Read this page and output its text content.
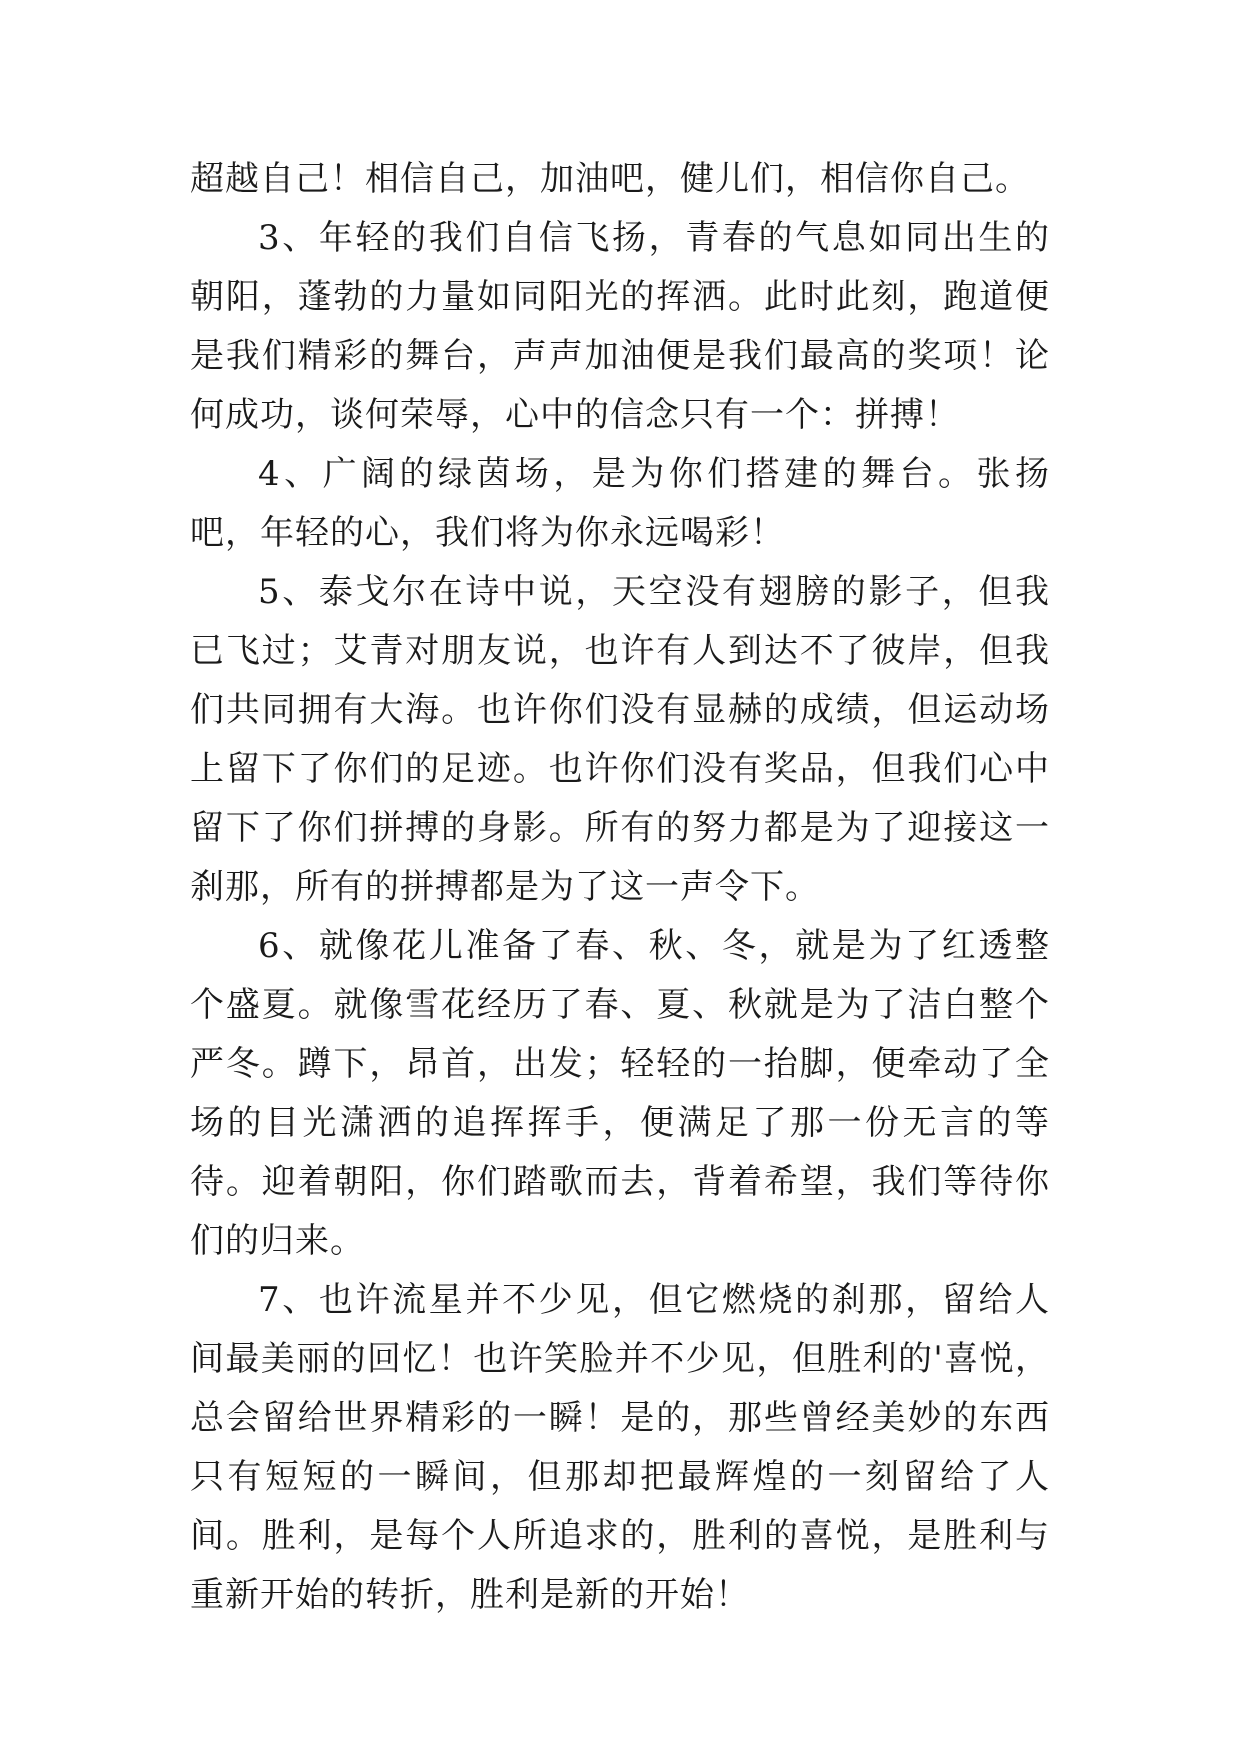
超越自己！相信自己，加油吧，健儿们，相信你自己。

3、年轻的我们自信飞扬，青春的气息如同出生的朝阳，蓬勃的力量如同阳光的挥洒。此时此刻，跑道便是我们精彩的舞台，声声加油便是我们最高的奖项！论何成功，谈何荣辱，心中的信念只有一个：拼搏！

4、广阔的绿茵场，是为你们搭建的舞台。张扬吧，年轻的心，我们将为你永远喝彩！

5、泰戈尔在诗中说，天空没有翅膀的影子，但我已飞过；艾青对朋友说，也许有人到达不了彼岸，但我们共同拥有大海。也许你们没有显赫的成绩，但运动场上留下了你们的足迹。也许你们没有奖品，但我们心中留下了你们拼搏的身影。所有的努力都是为了迎接这一刹那，所有的拼搏都是为了这一声令下。

6、就像花儿准备了春、秋、冬，就是为了红透整个盛夏。就像雪花经历了春、夏、秋就是为了洁白整个严冬。蹲下，昂首，出发；轻轻的一抬脚，便牵动了全场的目光潇洒的追挥挥手，便满足了那一份无言的等待。迎着朝阳，你们踏歌而去，背着希望，我们等待你们的归来。

7、也许流星并不少见，但它燃烧的刹那，留给人间最美丽的回忆！也许笑脸并不少见，但胜利的'喜悦，总会留给世界精彩的一瞬！是的，那些曾经美妙的东西只有短短的一瞬间，但那却把最辉煌的一刻留给了人间。胜利，是每个人所追求的，胜利的喜悦，是胜利与重新开始的转折，胜利是新的开始！
